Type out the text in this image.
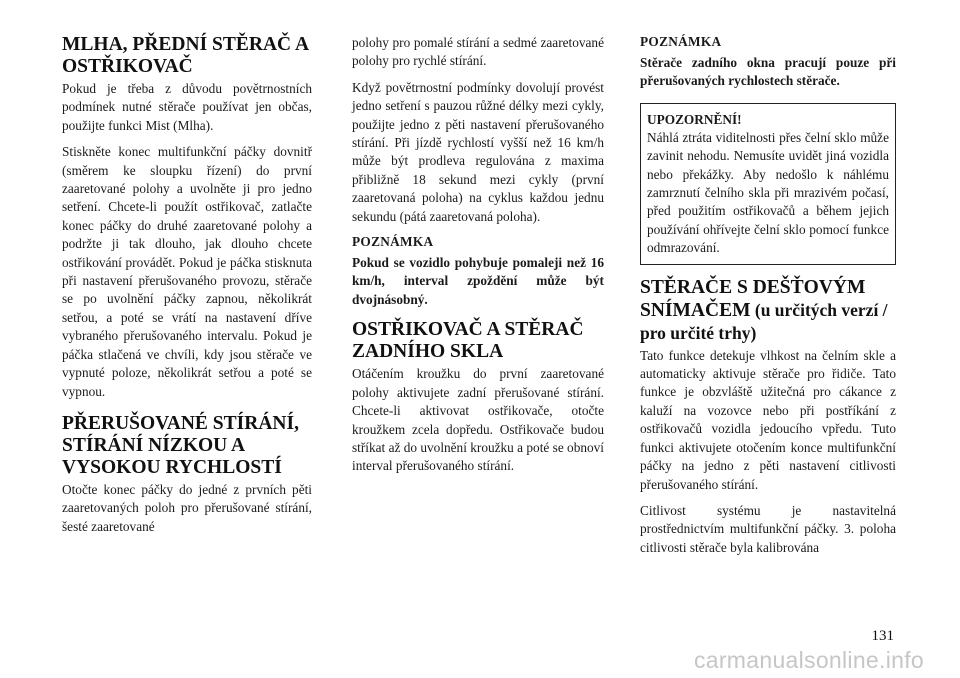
MLHA, PŘEDNÍ STĚRAČ A OSTŘIKOVAČ

Pokud je třeba z důvodu povětrnostních podmínek nutné stěrače používat jen občas, použijte funkci Mist (Mlha).

Stiskněte konec multifunkční páčky dovnitř (směrem ke sloupku řízení) do první zaaretované polohy a uvolněte ji pro jedno setření. Chcete-li použít ostřikovač, zatlačte konec páčky do druhé zaaretované polohy a podržte ji tak dlouho, jak dlouho chcete ostřikování provádět. Pokud je páčka stisknuta při nastavení přerušovaného provozu, stěrače se po uvolnění páčky zapnou, několikrát setřou, a poté se vrátí na nastavení dříve vybraného přerušovaného intervalu. Pokud je páčka stlačená ve chvíli, kdy jsou stěrače ve vypnuté poloze, několikrát setřou a poté se vypnou.

PŘERUŠOVANÉ STÍRÁNÍ, STÍRÁNÍ NÍZKOU A VYSOKOU RYCHLOSTÍ

Otočte konec páčky do jedné z prvních pěti zaaretovaných poloh pro přerušované stírání, šesté zaaretované

polohy pro pomalé stírání a sedmé zaaretované polohy pro rychlé stírání.

Když povětrnostní podmínky dovolují provést jedno setření s pauzou růžné délky mezi cykly, použijte jedno z pěti nastavení přerušovaného stírání. Při jízdě rychlostí vyšší než 16 km/h může být prodleva regulována z maxima přibližně 18 sekund mezi cykly (první zaaretovaná poloha) na cyklus každou jednu sekundu (pátá zaaretovaná poloha).

POZNÁMKA

Pokud se vozidlo pohybuje pomaleji než 16 km/h, interval zpoždění může být dvojnásobný.

OSTŘIKOVAČ A STĚRAČ ZADNÍHO SKLA

Otáčením kroužku do první zaaretované polohy aktivujete zadní přerušované stírání. Chcete-li aktivovat ostřikovače, otočte kroužkem zcela dopředu. Ostřikovače budou stříkat až do uvolnění kroužku a poté se obnoví interval přerušovaného stírání.

POZNÁMKA

Stěrače zadního okna pracují pouze při přerušovaných rychlostech stěrače.

UPOZORNĚNÍ!

Náhlá ztráta viditelnosti přes čelní sklo může zavinit nehodu. Nemusíte uvidět jiná vozidla nebo překážky. Aby nedošlo k náhlému zamrznutí čelního skla při mrazivém počasí, před použitím ostřikovačů a během jejich používání ohřívejte čelní sklo pomocí funkce odmrazování.

STĚRAČE S DEŠŤOVÝM SNÍMAČEM (u určitých verzí / pro určité trhy)

Tato funkce detekuje vlhkost na čelním skle a automaticky aktivuje stěrače pro řidiče. Tato funkce je obzvláště užitečná pro cákance z kaluží na vozovce nebo při postříkání z ostřikovačů vozidla jedoucího vpředu. Tuto funkci aktivujete otočením konce multifunkční páčky na jedno z pěti nastavení citlivosti přerušovaného stírání.

Citlivost systému je nastavitelná prostřednictvím multifunkční páčky. 3. poloha citlivosti stěrače byla kalibrována

131
carmanualsonline.info
